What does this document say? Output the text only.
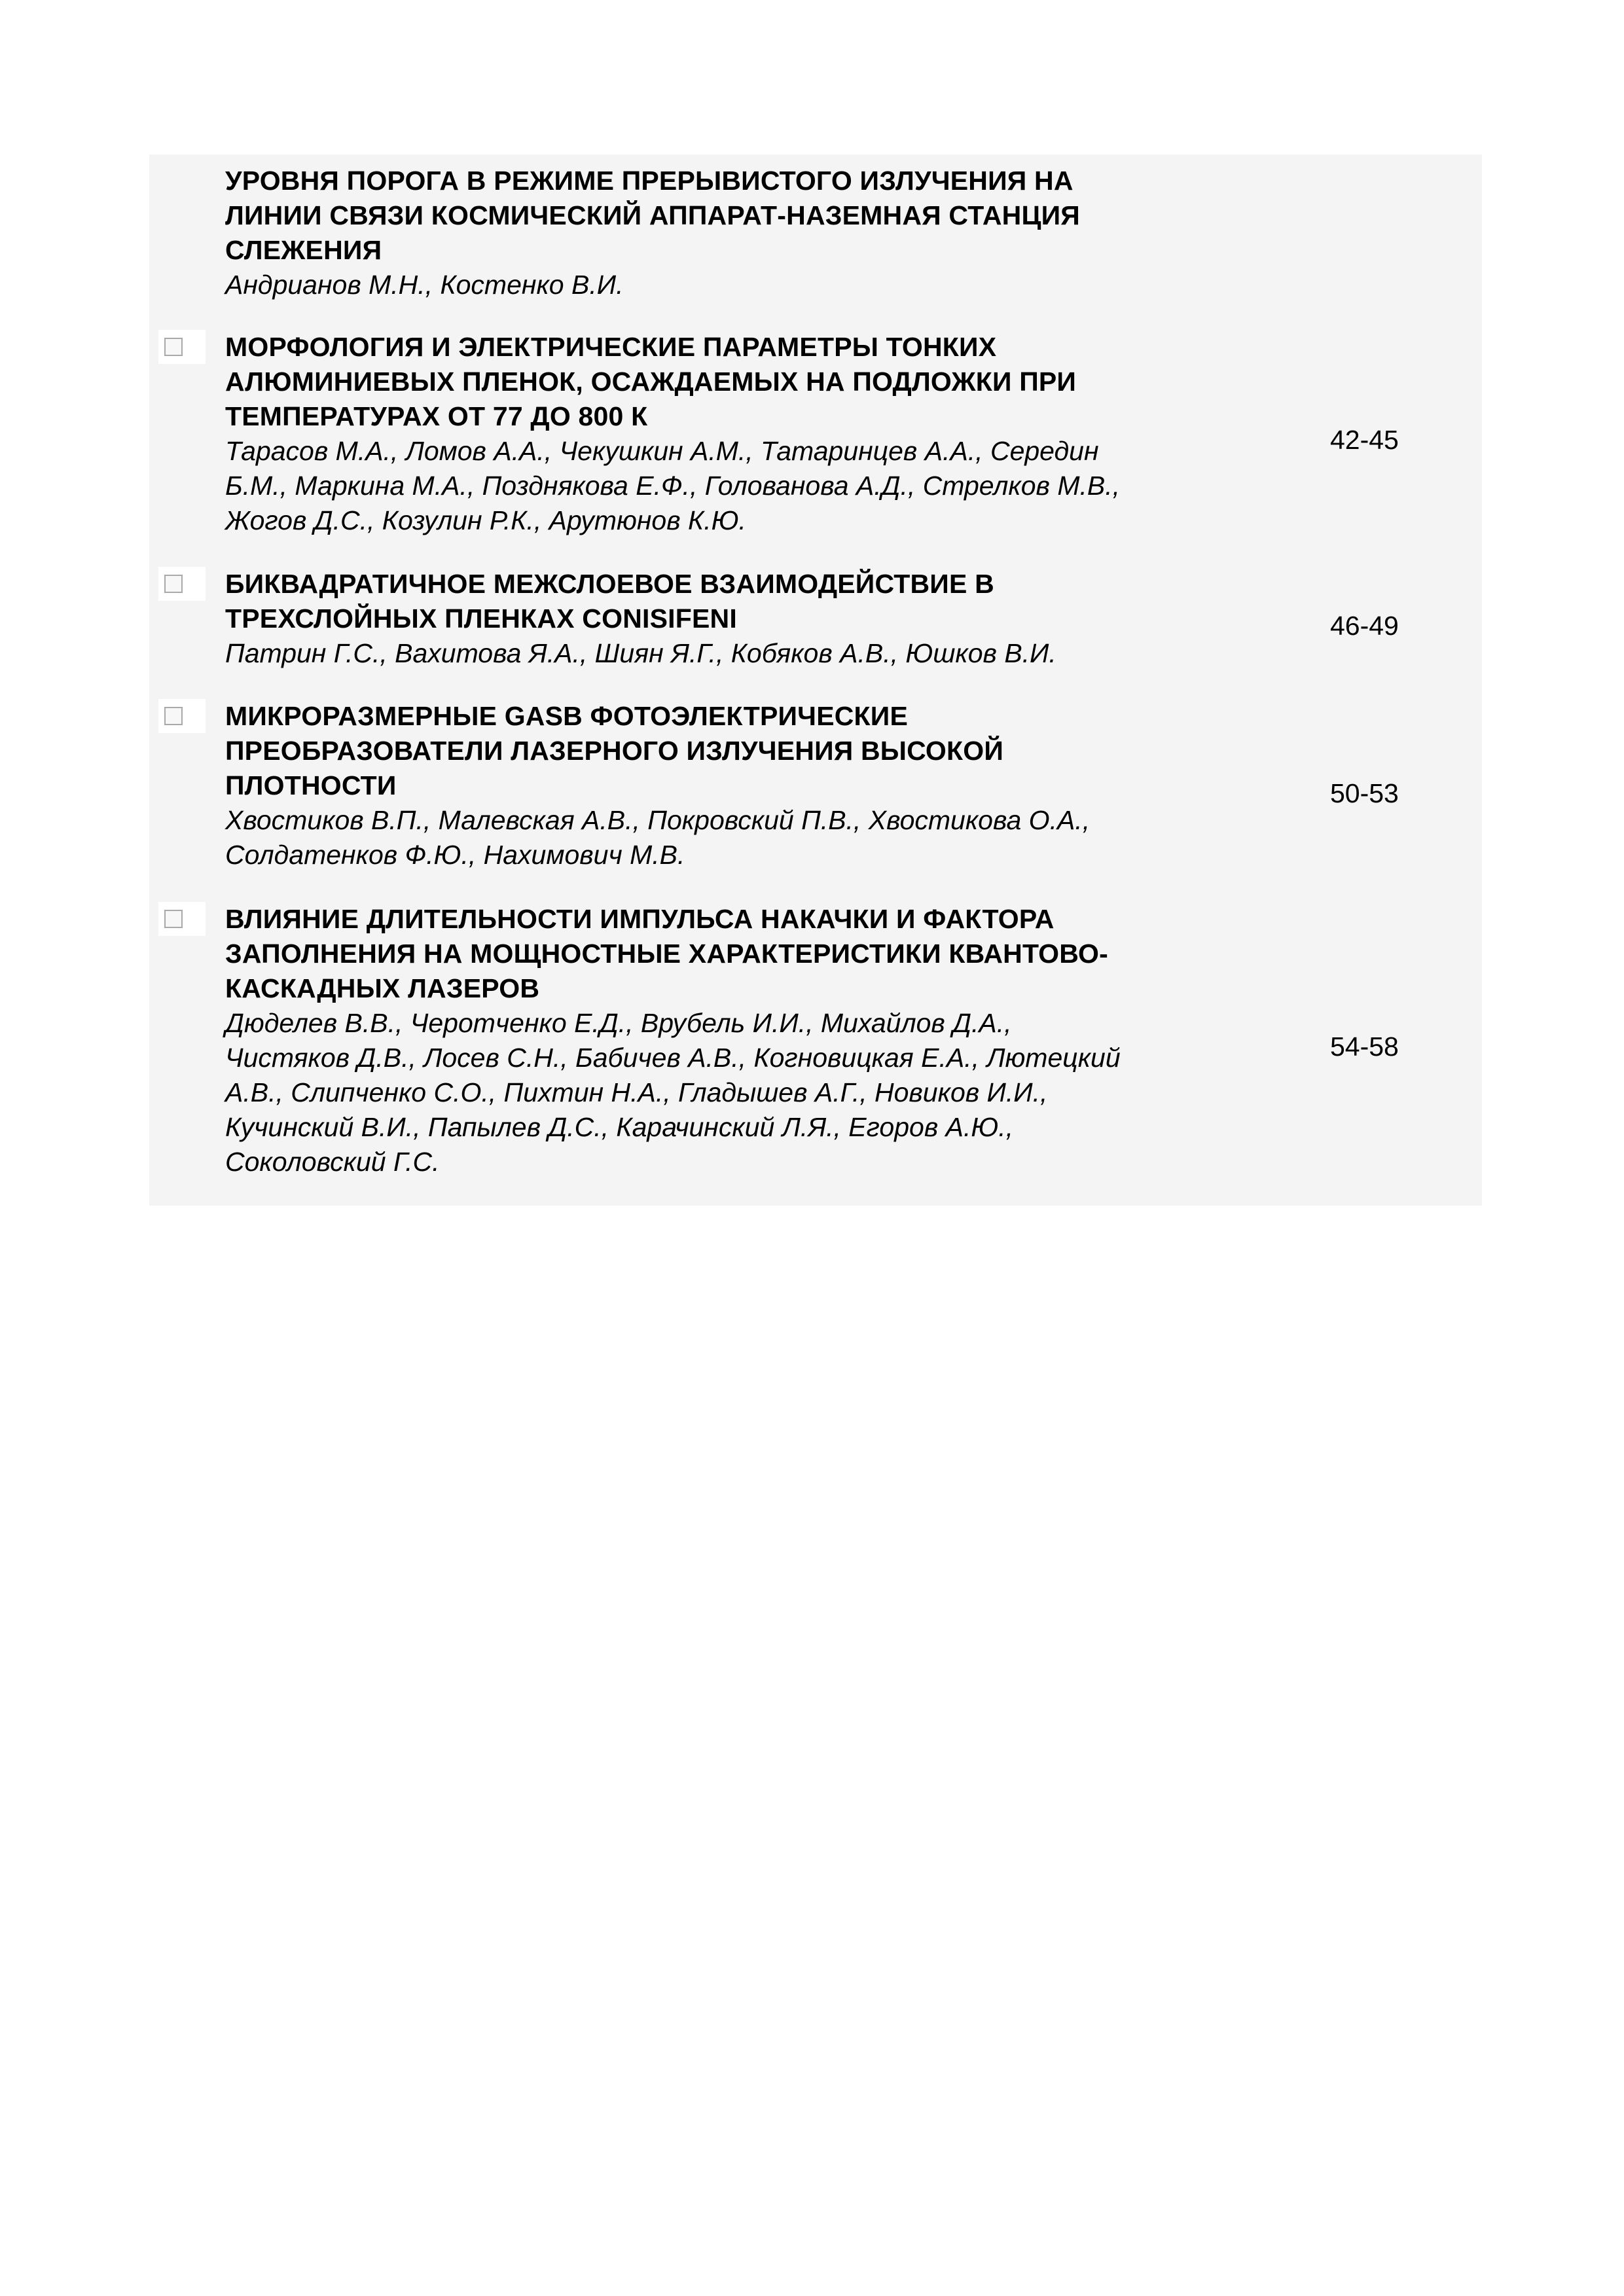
УРОВНЯ ПОРОГА В РЕЖИМЕ ПРЕРЫВИСТОГО ИЗЛУЧЕНИЯ НА
ЛИНИИ СВЯЗИ КОСМИЧЕСКИЙ АППАРАТ-НАЗЕМНАЯ СТАНЦИЯ
СЛЕЖЕНИЯ
Андрианов М.Н., Костенко В.И.
МОРФОЛОГИЯ И ЭЛЕКТРИЧЕСКИЕ ПАРАМЕТРЫ ТОНКИХ
АЛЮМИНИЕВЫХ ПЛЕНОК, ОСАЖДАЕМЫХ НА ПОДЛОЖКИ ПРИ
ТЕМПЕРАТУРАХ ОТ 77 ДО 800 К
Тарасов М.А., Ломов А.А., Чекушкин А.М., Татаринцев А.А., Середин
Б.М., Маркина М.А., Позднякова Е.Ф., Голованова А.Д., Стрелков М.В.,
Жогов Д.С., Козулин Р.К., Арутюнов К.Ю.
42-45
БИКВАДРАТИЧНОЕ МЕЖСЛОЕВОЕ ВЗАИМОДЕЙСТВИЕ В
ТРЕХСЛОЙНЫХ ПЛЕНКАХ CONISIFENI
Патрин Г.С., Вахитова Я.А., Шиян Я.Г., Кобяков А.В., Юшков В.И.
46-49
МИКРОРАЗМЕРНЫЕ GASB ФОТОЭЛЕКТРИЧЕСКИЕ
ПРЕОБРАЗОВАТЕЛИ ЛАЗЕРНОГО ИЗЛУЧЕНИЯ ВЫСОКОЙ
ПЛОТНОСТИ
Хвостиков В.П., Малевская А.В., Покровский П.В., Хвостикова О.А.,
Солдатенков Ф.Ю., Нахимович М.В.
50-53
ВЛИЯНИЕ ДЛИТЕЛЬНОСТИ ИМПУЛЬСА НАКАЧКИ И ФАКТОРА
ЗАПОЛНЕНИЯ НА МОЩНОСТНЫЕ ХАРАКТЕРИСТИКИ КВАНТОВО-
КАСКАДНЫХ ЛАЗЕРОВ
Дюделев В.В., Черотченко Е.Д., Врубель И.И., Михайлов Д.А.,
Чистяков Д.В., Лосев С.Н., Бабичев А.В., Когновицкая Е.А., Лютецкий
А.В., Слипченко С.О., Пихтин Н.А., Гладышев А.Г., Новиков И.И.,
Кучинский В.И., Папылев Д.С., Карачинский Л.Я., Егоров А.Ю.,
Соколовский Г.С.
54-58
